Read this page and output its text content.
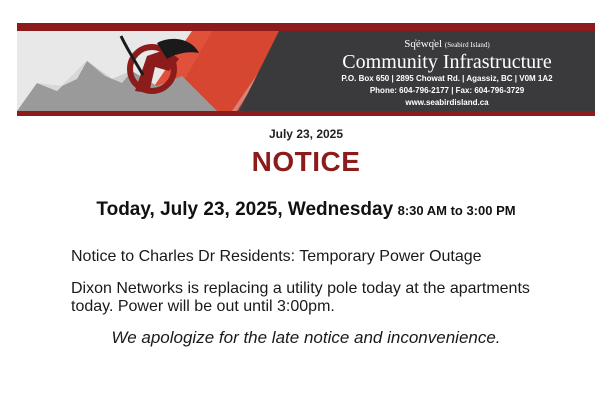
Sq̓éwq̓el (Seabird Island)
Community Infrastructure
P.O. Box 650 | 2895 Chowat Rd. | Agassiz, BC | V0M 1A2
Phone: 604-796-2177 | Fax: 604-796-3729
www.seabirdisland.ca
July 23, 2025
NOTICE
Today, July 23, 2025, Wednesday 8:30 AM to 3:00 PM
Notice to Charles Dr Residents: Temporary Power Outage
Dixon Networks is replacing a utility pole today at the apartments today. Power will be out until 3:00pm.
We apologize for the late notice and inconvenience.
